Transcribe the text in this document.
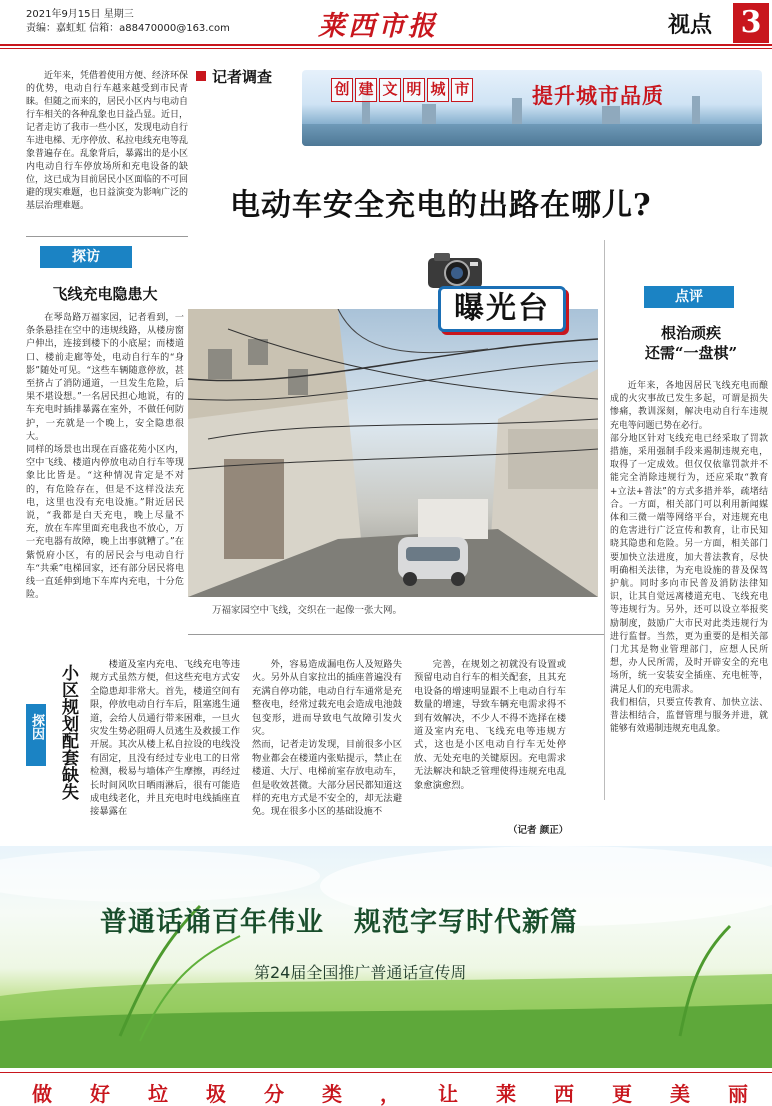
2021年9月15日 星期三
责编：嘉虹虹 信箱：a88470000@163.com	莱西市报	视点 3
近年来，凭借着使用方便、经济环保的优势，电动自行车越来越受到市民青睐。但随之而来的，居民小区内与电动自行车相关的各种乱象也日益凸显。近日，记者走访了我市一些小区，发现电动自行车进电梯、无序停放、私拉电线充电等乱象普遍存在。乱象背后，暴露出的是小区内电动自行车停放场所和充电设备的缺位，这已成为目前居民小区面临的不可回避的现实难题，也日益演变为影响广泛的基层治理难题。
记者调查
创 建 文 明 城 市	提升城市品质
电动车安全充电的出路在哪儿?
探访
飞线充电隐患大
在琴岛路万福家园，记者看到，一条条悬挂在空中的违规线路，从楼房窗户伸出，连接到楼下的小底屋；而楼道口、楼前走廊等处，电动自行车的“身影”随处可见。“这些车辆随意停放，甚至挤占了消防通道，一旦发生危险，后果不堪设想。”一名居民担心地说，有的车充电时插排暴露在室外，不做任何防护，一充就是一个晚上，安全隐患很大。
同样的场景也出现在百盛花苑小区内，空中飞线、楼道内停放电动自行车等现象比比皆是。“这种情况肯定是不对的，有危险存在，但是不这样没法充电，这里也没有充电设施。”附近居民说，“我都是白天充电，晚上尽量不充，放在车库里面充电我也不放心，万一充电器有故障，晚上出事就糟了。”在紫悦府小区，有的居民会与电动自行车“共乘”电梯回家，还有部分居民将电线一直延伸到地下车库内充电，十分危险。
曝光台
万福家园空中飞线，交织在一起像一张大网。
点评
根治顽疾
还需“一盘棋”
近年来，各地因居民飞线充电而酿成的火灾事故已发生多起，可谓是损失惨痛，教训深刻，解决电动自行车违规充电等问题已势在必行。
部分地区针对飞线充电已经采取了罚款措施，采用强制手段来遏制违规充电，取得了一定成效。但仅仅依靠罚款并不能完全消除违规行为，还应采取“教育+立法+普法”的方式多措并举，疏堵结合。一方面，相关部门可以利用新闻媒体和三微一端等网络平台，对违规充电的危害进行广泛宣传和教育，让市民知晓其隐患和危险。另一方面，相关部门要加快立法进度，加大普法教育，尽快明确相关法律，为充电设施的普及保驾护航。同时多向市民普及消防法律知识，让其自觉远离楼道充电、飞线充电等违规行为。另外，还可以设立举报奖励制度，鼓励广大市民对此类违规行为进行监督。当然，更为重要的是相关部门尤其是物业管理部门，应想人民所想，办人民所需，及时开辟安全的充电场所，统一安装安全插座、充电桩等，满足人们的充电需求。
我们相信，只要宣传教育、加快立法、普法相结合，监督管理与服务并进，就能够有效遏制违规充电乱象。
探因 小区规划配套缺失	楼道及室内充电、飞线充电等违规方式虽然方便，但这些充电方式安全隐患却非常大。首先，楼道空间有限，停放电动自行车后，阻塞逃生通道，会给人员通行带来困难，一旦火灾发生势必阻碍人员逃生及救援工作开展。其次从楼上私自拉设的电线没有固定，且没有经过专业电工的日常检测，极易与墙体产生摩擦，再经过长时间风吹日晒雨淋后，很有可能造成电线老化，并且充电时电线插座直接暴露在
外，容易造成漏电伤人及短路失火。另外从自家拉出的插座普遍没有充满自停功能，电动自行车通常是充整夜电，经常过载充电会造成电池鼓包变形，进而导致电气故障引发火灾。
然而，记者走访发现，目前很多小区物业都会在楼道内张贴提示，禁止在楼道、大厅、电梯前室存放电动车，但是收效甚微。大部分居民都知道这样的充电方式是不安全的，却无法避免。现在很多小区的基础设施不
完善，在规划之初就没有设置或预留电动自行车的相关配套，且其充电设备的增速明显跟不上电动自行车数量的增速，导致车辆充电需求得不到有效解决，不少人不得不选择在楼道及室内充电、飞线充电等违规方式，这也是小区电动自行车无处停放、无处充电的关键原因。充电需求无法解决和缺乏管理使得违规充电乱象愈演愈烈。
（记者 颜正）
普通话诵百年伟业 规范字写时代新篇
第24届全国推广普通话宣传周
做 好 垃 圾 分 类 ， 让 莱 西 更 美 丽
